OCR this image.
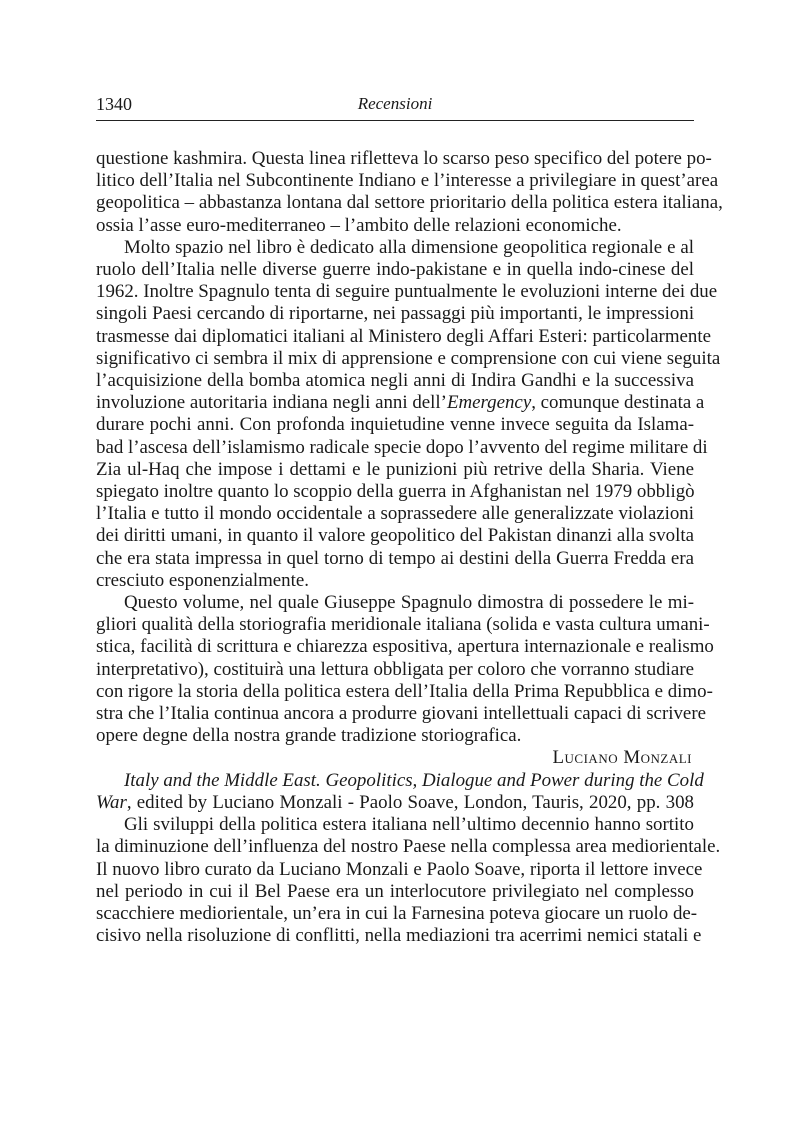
1340	Recensioni

questione kashmira. Questa linea rifletteva lo scarso peso specifico del potere po-
litico dell’Italia nel Subcontinente Indiano e l’interesse a privilegiare in quest’area
geopolitica – abbastanza lontana dal settore prioritario della politica estera italiana,
ossia l’asse euro-mediterraneo – l’ambito delle relazioni economiche.

Molto spazio nel libro è dedicato alla dimensione geopolitica regionale e al
ruolo dell’Italia nelle diverse guerre indo-pakistane e in quella indo-cinese del
1962. Inoltre Spagnulo tenta di seguire puntualmente le evoluzioni interne dei due
singoli Paesi cercando di riportarne, nei passaggi più importanti, le impressioni
trasmesse dai diplomatici italiani al Ministero degli Affari Esteri: particolarmente
significativo ci sembra il mix di apprensione e comprensione con cui viene seguita
l’acquisizione della bomba atomica negli anni di Indira Gandhi e la successiva
involuzione autoritaria indiana negli anni dell’Emergency, comunque destinata a
durare pochi anni. Con profonda inquietudine venne invece seguita da Islama-
bad l’ascesa dell’islamismo radicale specie dopo l’avvento del regime militare di
Zia ul-Haq che impose i dettami e le punizioni più retrive della Sharia. Viene
spiegato inoltre quanto lo scoppio della guerra in Afghanistan nel 1979 obbligò
l’Italia e tutto il mondo occidentale a soprassedere alle generalizzate violazioni
dei diritti umani, in quanto il valore geopolitico del Pakistan dinanzi alla svolta
che era stata impressa in quel torno di tempo ai destini della Guerra Fredda era
cresciuto esponenzialmente.

Questo volume, nel quale Giuseppe Spagnulo dimostra di possedere le mi-
gliori qualità della storiografia meridionale italiana (solida e vasta cultura umani-
stica, facilità di scrittura e chiarezza espositiva, apertura internazionale e realismo
interpretativo), costituirà una lettura obbligata per coloro che vorranno studiare
con rigore la storia della politica estera dell’Italia della Prima Repubblica e dimo-
stra che l’Italia continua ancora a produrre giovani intellettuali capaci di scrivere
opere degne della nostra grande tradizione storiografica.

Luciano Monzali

Italy and the Middle East. Geopolitics, Dialogue and Power during the Cold
War, edited by Luciano Monzali - Paolo Soave, London, Tauris, 2020, pp. 308

Gli sviluppi della politica estera italiana nell’ultimo decennio hanno sortito
la diminuzione dell’influenza del nostro Paese nella complessa area mediorientale.
Il nuovo libro curato da Luciano Monzali e Paolo Soave, riporta il lettore invece
nel periodo in cui il Bel Paese era un interlocutore privilegiato nel complesso
scacchiere mediorientale, un’era in cui la Farnesina poteva giocare un ruolo de-
cisivo nella risoluzione di conflitti, nella mediazioni tra acerrimi nemici statali e
